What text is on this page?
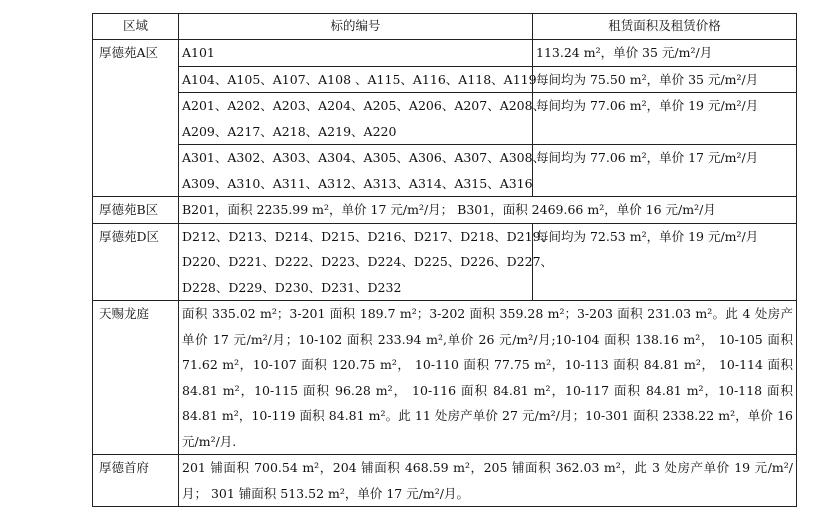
区域	标的编号	租赁面积及租赁价格
厚德苑A区	A101	113.24 m²，单价 35 元/m²/月

	A104、A105、A107、A108 、A115、A116、A118、A119	每间均为 75.50 m²，单价 35 元/m²/月

	A201、A202、A203、A204、A205、A206、A207、A208、
A209、A217、A218、A219、A220	每间均为 77.06 m²，单价 19 元/m²/月

	A301、A302、A303、A304、A305、A306、A307、A308、
A309、A310、A311、A312、A313、A314、A315、A316	每间均为 77.06 m²，单价 17 元/m²/月
厚德苑B区	B201，面积 2235.99 m²，单价 17 元/m²/月； B301，面积 2469.66 m²，单价 16 元/m²/月	
厚德苑D区	D212、D213、D214、D215、D216、D217、D218、D219、
D220、D221、D222、D223、D224、D225、D226、D227、
D228、D229、D230、D231、D232	每间均为 72.53 m²，单价 19 元/m²/月
天赐龙庭	面积 335.02 m²；3-201 面积 189.7 m²；3-202 面积 359.28 m²；3-203 面积 231.03 m²。此 4 处房产单价 17 元/m²/月；10-102 面积 233.94 m²,单价 26 元/m²/月;10-104 面积 138.16 m²， 10-105 面积 71.62 m²，10-107 面积 120.75 m²， 10-110 面积 77.75 m²，10-113 面积 84.81 m²， 10-114 面积 84.81 m²，10-115 面积 96.28 m²， 10-116 面积 84.81 m²，10-117 面积 84.81 m²，10-118 面积 84.81 m²，10-119 面积 84.81 m²。此 11 处房产单价 27 元/m²/月；10-301 面积 2338.22 m²，单价 16 元/m²/月.	
厚德首府	201 铺面积 700.54 m²，204 铺面积 468.59 m²，205 铺面积 362.03 m²，此 3 处房产单价 19 元/m²/月； 301 铺面积 513.52 m²，单价 17 元/m²/月。	
